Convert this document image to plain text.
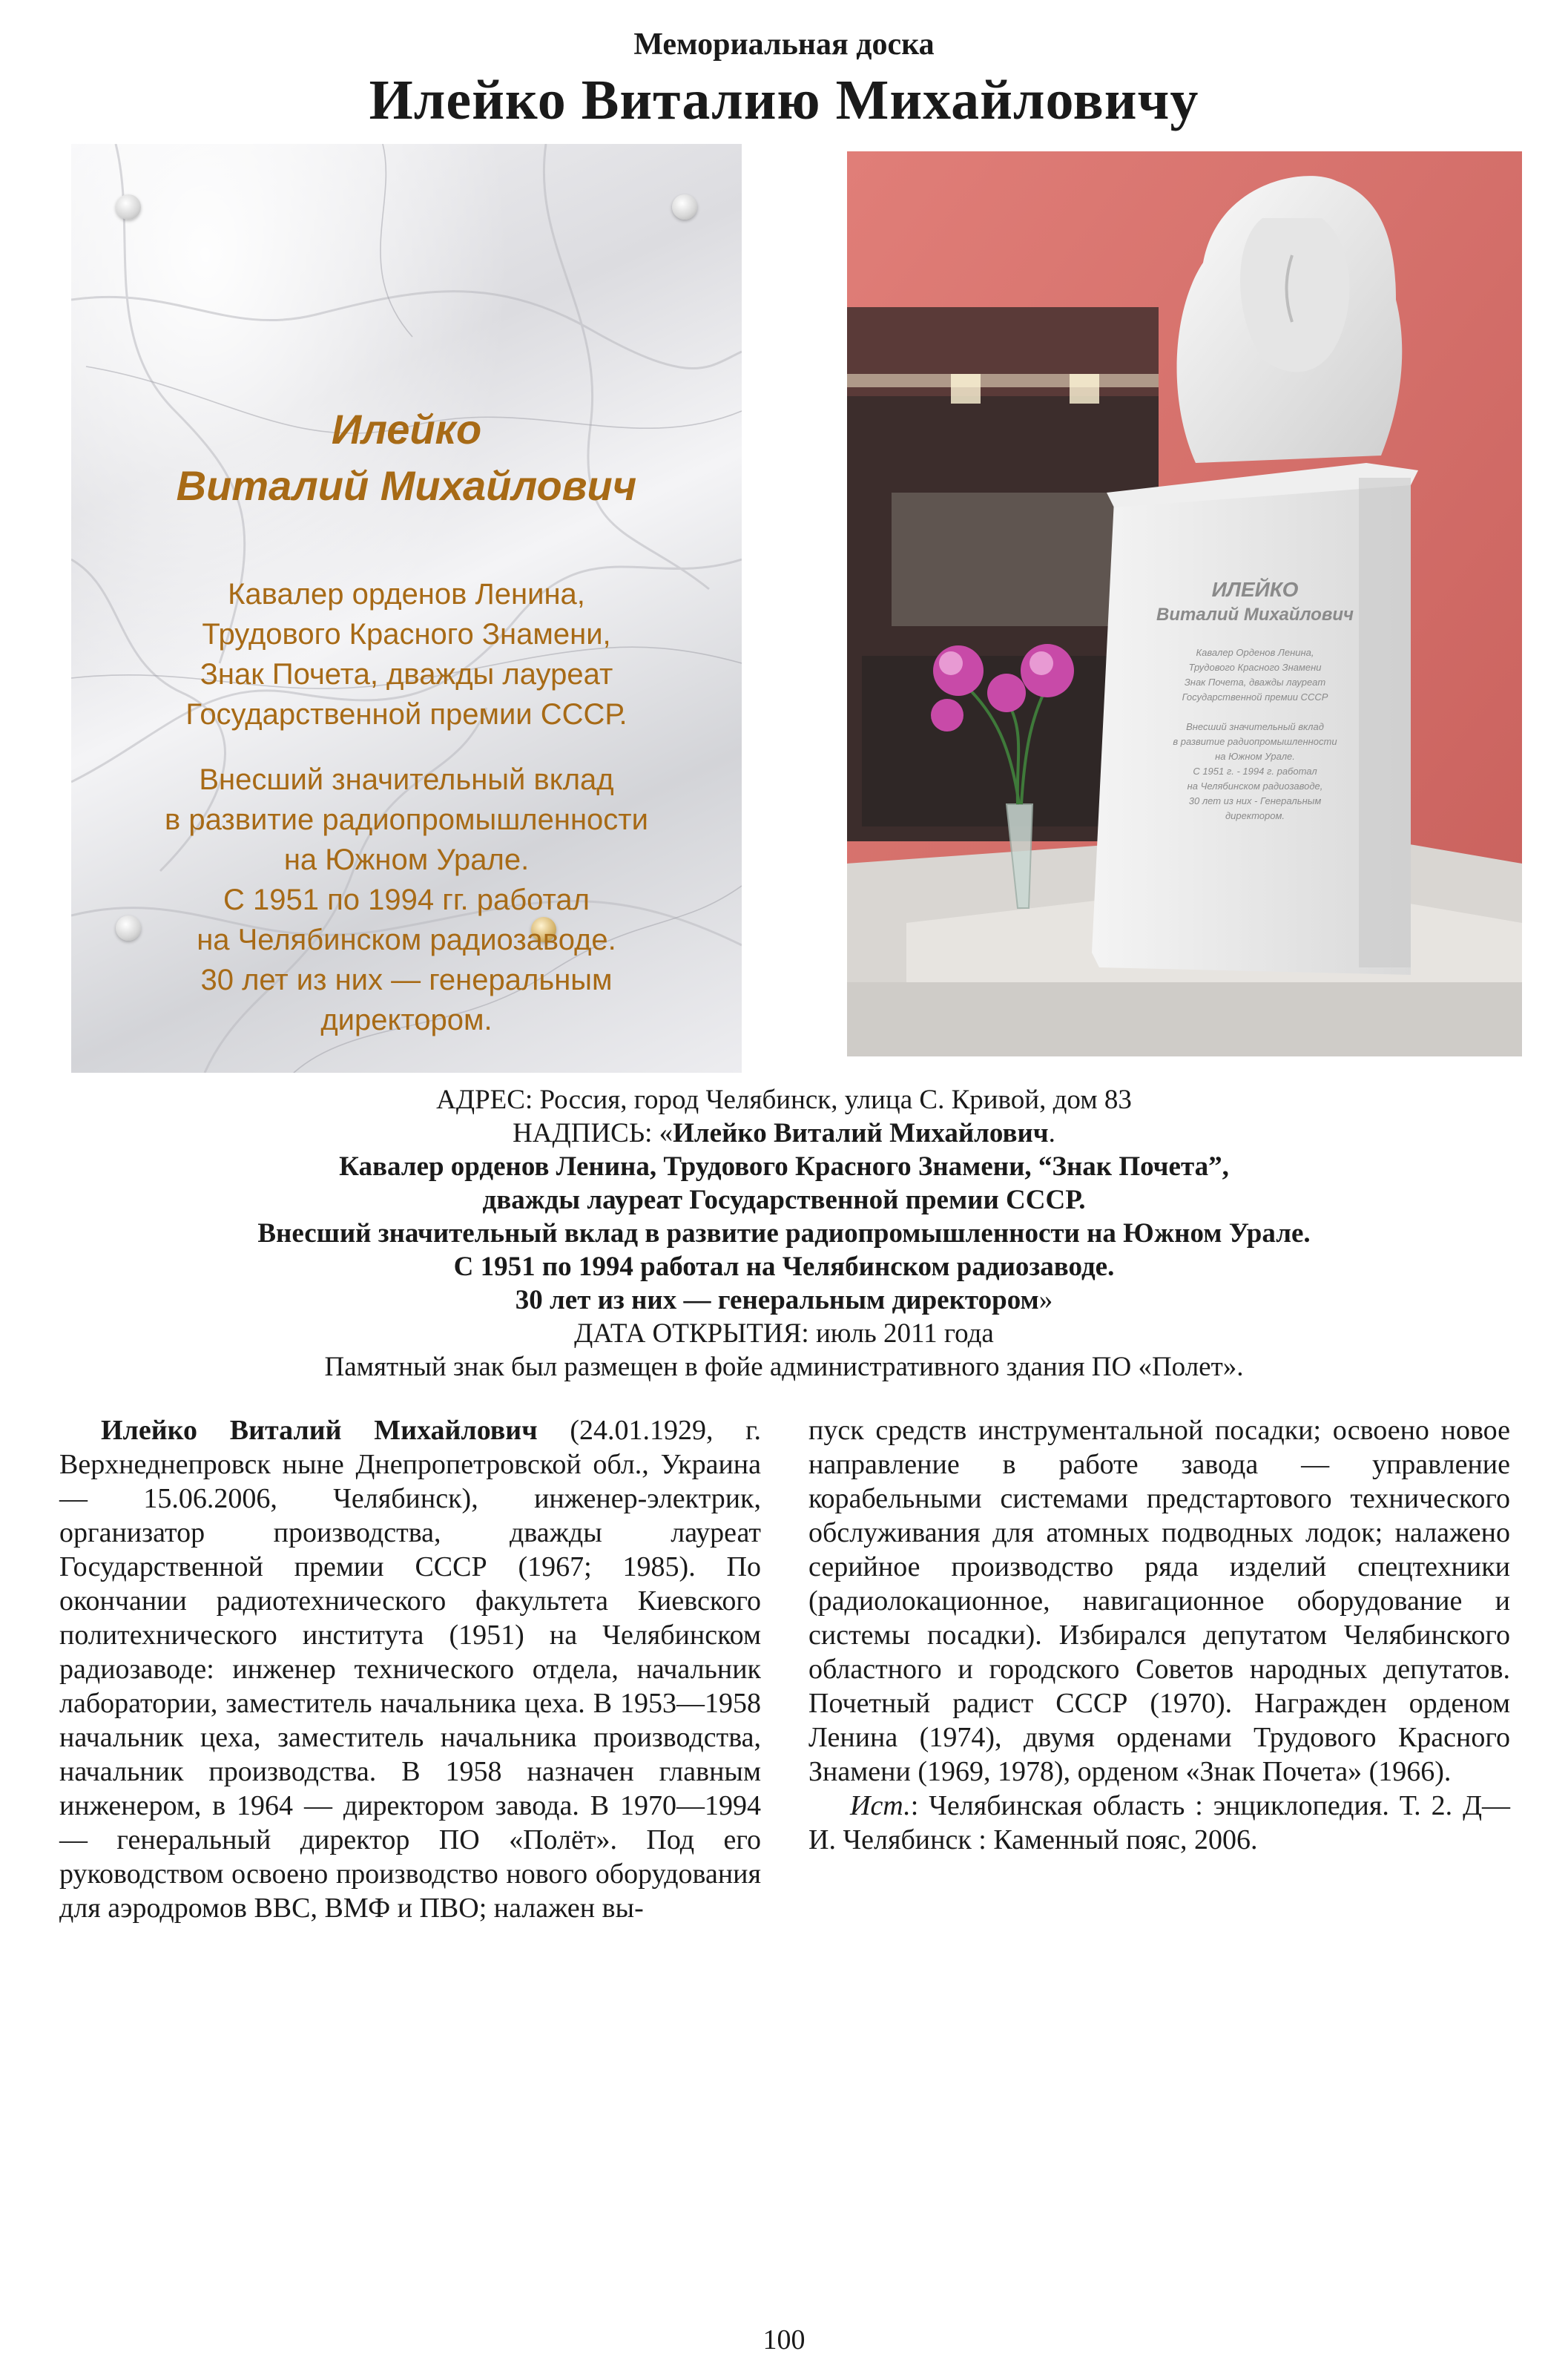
Мемориальная доска
Илейко Виталию Михайловичу
Илейко
Виталий Михайлович
Кавалер орденов Ленина,
Трудового Красного Знамени,
Знак Почета, дважды лауреат
Государственной премии СССР.
Внесший значительный вклад
в развитие радиопромышленности
на Южном Урале.
С 1951 по 1994 гг. работал
на Челябинском радиозаводе.
30 лет из них — генеральным
директором.
ИЛЕЙКО
Виталий Михайлович
Кавалер Орденов Ленина,
Трудового Красного Знамени
Знак Почета, дважды лауреат
Государственной премии СССР
Внесший значительный вклад
в развитие радиопромышленности
на Южном Урале.
С 1951 г. - 1994 г. работал
на Челябинском радиозаводе,
30 лет из них - Генеральным
директором.
АДРЕС: Россия, город Челябинск, улица С. Кривой, дом 83
НАДПИСЬ: «Илейко Виталий Михайлович.
Кавалер орденов Ленина, Трудового Красного Знамени, “Знак Почета”,
дважды лауреат Государственной премии СССР.
Внесший значительный вклад в развитие радиопромышленности на Южном Урале.
С 1951 по 1994 работал на Челябинском радиозаводе.
30 лет из них — генеральным директором»
ДАТА ОТКРЫТИЯ: июль 2011 года
Памятный знак был размещен в фойе административного здания ПО «Полет».

Илейко Виталий Михайлович (24.01.1929, г. Верхнеднепровск ныне Днепропетровской обл., Украина — 15.06.2006, Челябинск), инженер-электрик, организатор производства, дважды лауреат Государственной премии СССР (1967; 1985). По окончании радиотехнического факультета Киевского политехнического института (1951) на Челябинском радиозаводе: инженер технического отдела, начальник лаборатории, заместитель начальника цеха. В 1953—1958 начальник цеха, заместитель начальника производства, начальник производства. В 1958 назначен главным инженером, в 1964 — директором завода. В 1970—1994 — генеральный директор ПО «Полёт». Под его руководством освоено производство нового оборудования для аэродромов ВВС, ВМФ и ПВО; налажен вы-

пуск средств инструментальной посадки; освоено новое направление в работе завода — управление корабельными системами предстартового технического обслуживания для атомных подводных лодок; налажено серийное производство ряда изделий спецтехники (радиолокационное, навигационное оборудование и системы посадки). Избирался депутатом Челябинского областного и городского Советов народных депутатов. Почетный радист СССР (1970). Награжден орденом Ленина (1974), двумя орденами Трудового Красного Знамени (1969, 1978), орденом «Знак Почета» (1966).

Ист.: Челябинская область : энциклопедия. Т. 2. Д—И. Челябинск : Каменный пояс, 2006.

100
